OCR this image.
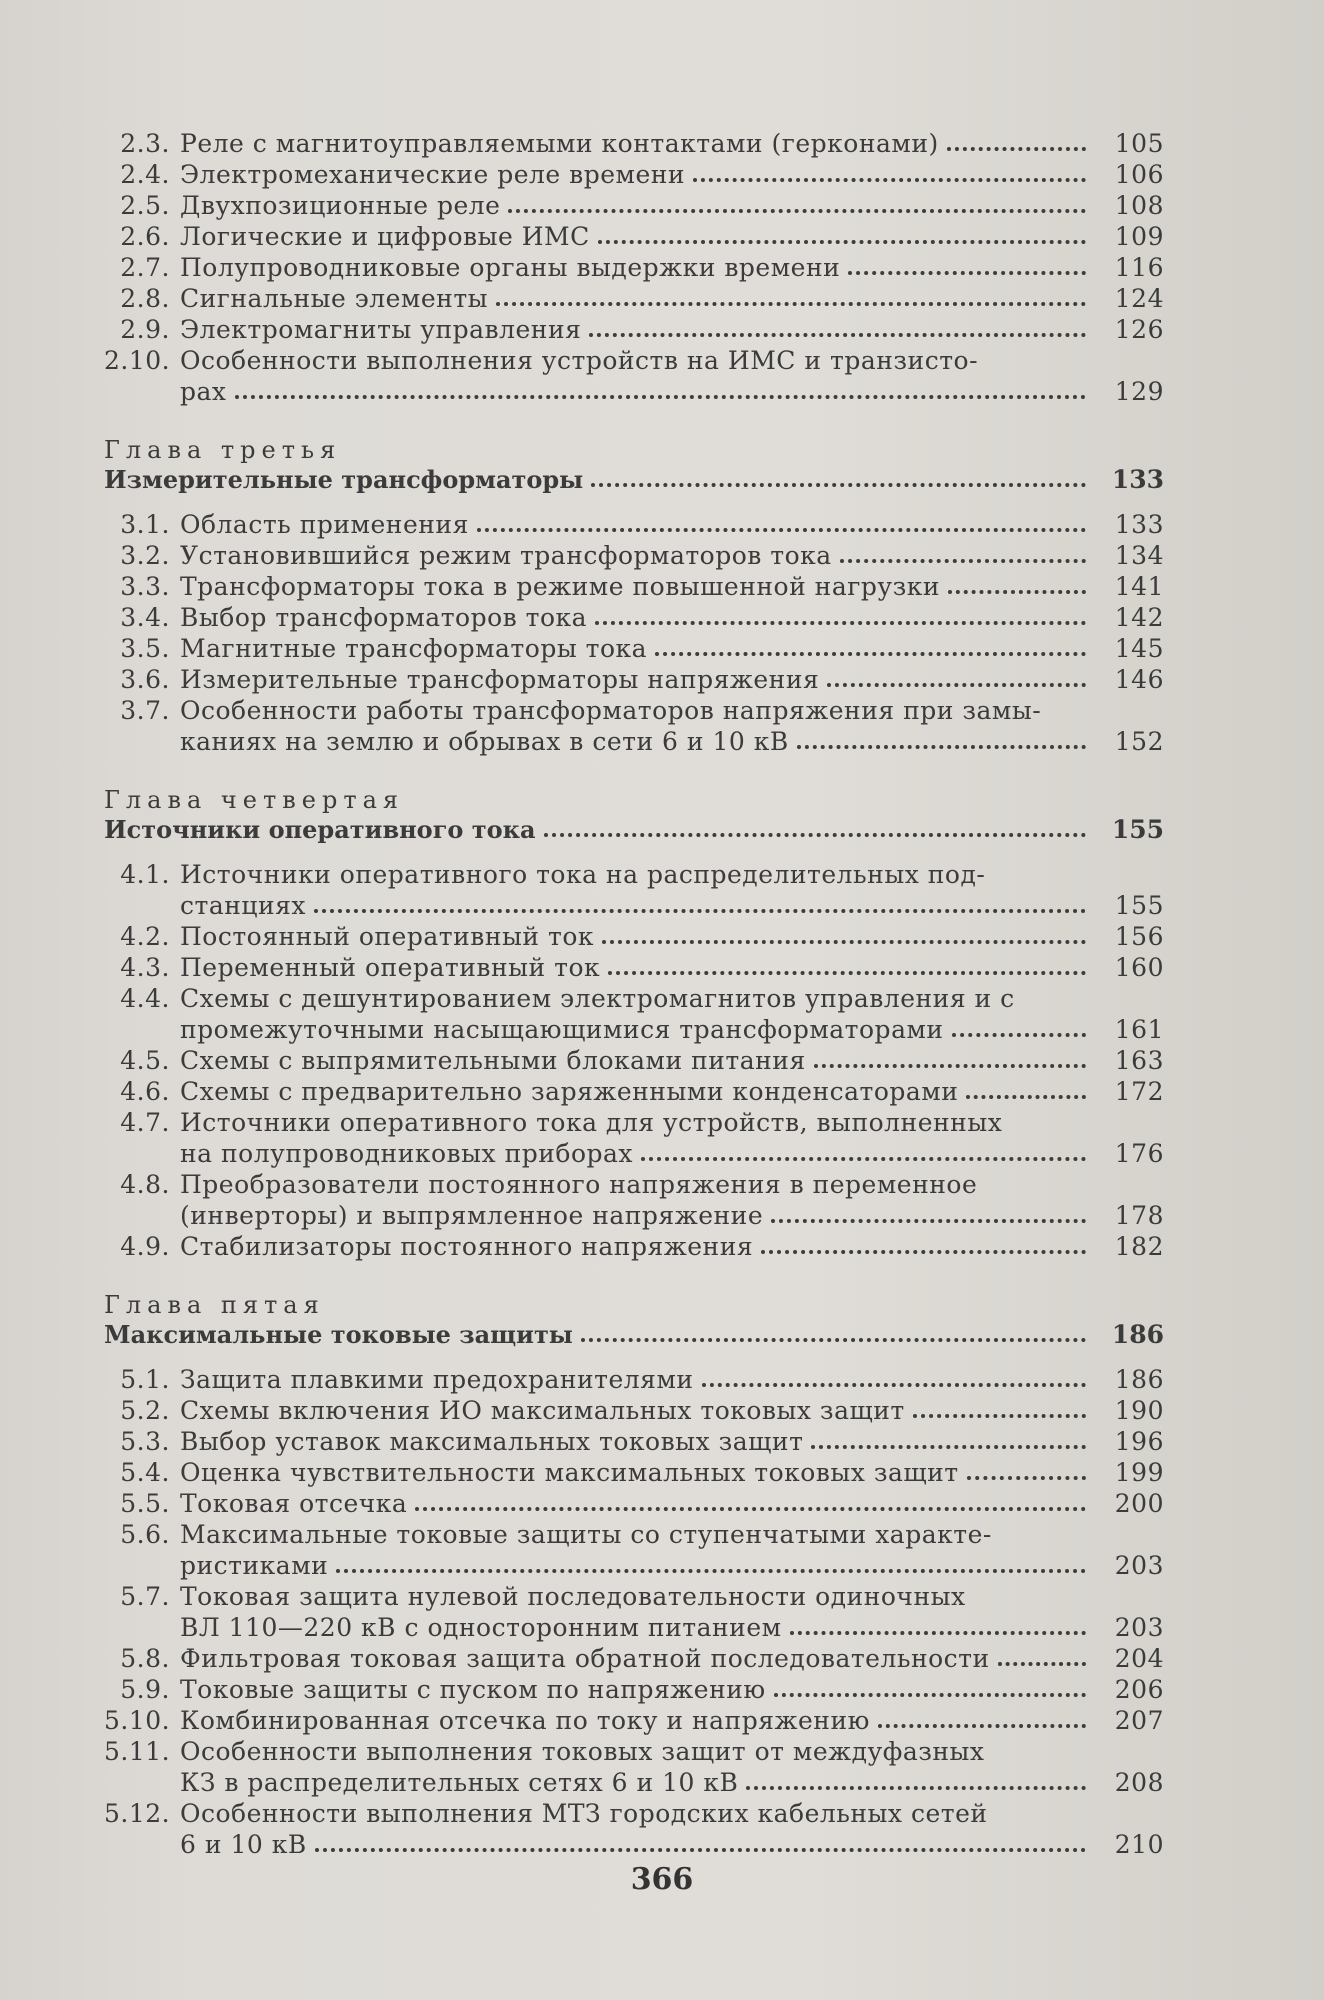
2.3. Реле с магнитоуправляемыми контактами (герконами)	105
2.4. Электромеханические реле времени	106
2.5. Двухпозиционные реле	108
2.6. Логические и цифровые ИМС	109
2.7. Полупроводниковые органы выдержки времени	116
2.8. Сигнальные элементы	124
2.9. Электромагниты управления	126
2.10. Особенности выполнения устройств на ИМС и транзисто-
рах	129
Глава третья
Измерительные трансформаторы	133
3.1. Область применения	133
3.2. Установившийся режим трансформаторов тока	134
3.3. Трансформаторы тока в режиме повышенной нагрузки	141
3.4. Выбор трансформаторов тока	142
3.5. Магнитные трансформаторы тока	145
3.6. Измерительные трансформаторы напряжения	146
3.7. Особенности работы трансформаторов напряжения при замы-
каниях на землю и обрывах в сети 6 и 10 кВ	152
Глава четвертая
Источники оперативного тока	155
4.1. Источники оперативного тока на распределительных под-
станциях	155
4.2. Постоянный оперативный ток	156
4.3. Переменный оперативный ток	160
4.4. Схемы с дешунтированием электромагнитов управления и с
промежуточными насыщающимися трансформаторами	161
4.5. Схемы с выпрямительными блоками питания	163
4.6. Схемы с предварительно заряженными конденсаторами	172
4.7. Источники оперативного тока для устройств, выполненных
на полупроводниковых приборах	176
4.8. Преобразователи постоянного напряжения в переменное
(инверторы) и выпрямленное напряжение	178
4.9. Стабилизаторы постоянного напряжения	182
Глава пятая
Максимальные токовые защиты	186
5.1. Защита плавкими предохранителями	186
5.2. Схемы включения ИО максимальных токовых защит	190
5.3. Выбор уставок максимальных токовых защит	196
5.4. Оценка чувствительности максимальных токовых защит	199
5.5. Токовая отсечка	200
5.6. Максимальные токовые защиты со ступенчатыми характе-
ристиками	203
5.7. Токовая защита нулевой последовательности одиночных
ВЛ 110—220 кВ с односторонним питанием	203
5.8. Фильтровая токовая защита обратной последовательности	204
5.9. Токовые защиты с пуском по напряжению	206
5.10. Комбинированная отсечка по току и напряжению	207
5.11. Особенности выполнения токовых защит от междуфазных
КЗ в распределительных сетях 6 и 10 кВ	208
5.12. Особенности выполнения МТЗ городских кабельных сетей
6 и 10 кВ	210
366
